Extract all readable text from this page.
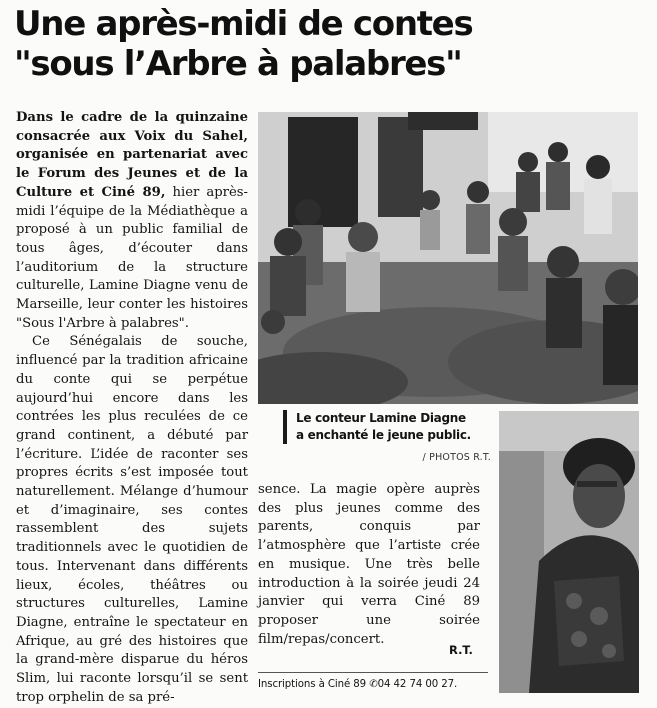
Une après-midi de contes
"sous l’Arbre à palabres"

Dans le cadre de la quinzaine consacrée aux Voix du Sahel, organisée en partenariat avec le Forum des Jeunes et de la Culture et Ciné 89, hier après-midi l’équipe de la Médiathèque a proposé à un public familial de tous âges, d’écouter dans l’auditorium de la structure culturelle, Lamine Diagne venu de Marseille, leur conter les histoires "Sous l'Arbre à palabres".

Ce Sénégalais de souche, influencé par la tradition africaine du conte qui se perpétue aujourd’hui encore dans les contrées les plus reculées de ce grand continent, a débuté par l’écriture. L’idée de raconter ses propres écrits s’est imposée tout naturellement. Mélange d’humour et d’imaginaire, ses contes rassemblent des sujets traditionnels avec le quotidien de tous. Intervenant dans différents lieux, écoles, théâtres ou structures culturelles, Lamine Diagne, entraîne le spectateur en Afrique, au gré des histoires que la grand-mère disparue du héros Slim, lui raconte lorsqu’il se sent trop orphelin de sa pré-

Le conteur Lamine Diagne
a enchanté le jeune public.
/ PHOTOS R.T.

sence. La magie opère auprès des plus jeunes comme des parents, conquis par l’atmosphère que l’artiste crée en musique. Une très belle introduction à la soirée jeudi 24 janvier qui verra Ciné 89 proposer une soirée film/repas/concert.

R.T.
Inscriptions à Ciné 89 ✆04 42 74 00 27.
